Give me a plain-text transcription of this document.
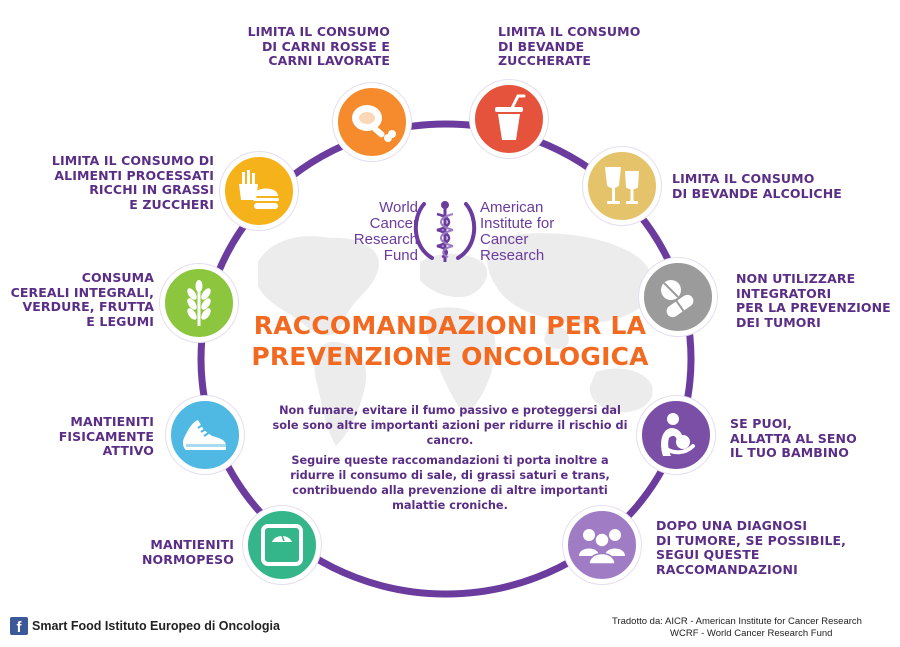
World
Cancer
Research
Fund
American
Institute for
Cancer
Research
RACCOMANDAZIONI PER LA
PREVENZIONE ONCOLOGICA
Non fumare, evitare il fumo passivo e proteggersi dal sole sono altre importanti azioni per ridurre il rischio di cancro.
Seguire queste raccomandazioni ti porta inoltre a ridurre il consumo di sale, di grassi saturi e trans, contribuendo alla prevenzione di altre importanti malattie croniche.
LIMITA IL CONSUMO
DI CARNI ROSSE E
CARNI LAVORATE
LIMITA IL CONSUMO
DI BEVANDE
ZUCCHERATE
LIMITA IL CONSUMO
DI BEVANDE ALCOLICHE
NON UTILIZZARE
INTEGRATORI
PER LA PREVENZIONE
DEI TUMORI
SE PUOI,
ALLATTA AL SENO
IL TUO BAMBINO
DOPO UNA DIAGNOSI
DI TUMORE, SE POSSIBILE,
SEGUI QUESTE
RACCOMANDAZIONI
MANTIENITI
NORMOPESO
MANTIENITI
FISICAMENTE
ATTIVO
CONSUMA
CEREALI INTEGRALI,
VERDURE, FRUTTA
E LEGUMI
LIMITA IL CONSUMO DI
ALIMENTI PROCESSATI
RICCHI IN GRASSI
E ZUCCHERI
f Smart Food Istituto Europeo di Oncologia	Tradotto da: AICR - American Institute for Cancer Research
WCRF - World Cancer Research Fund
